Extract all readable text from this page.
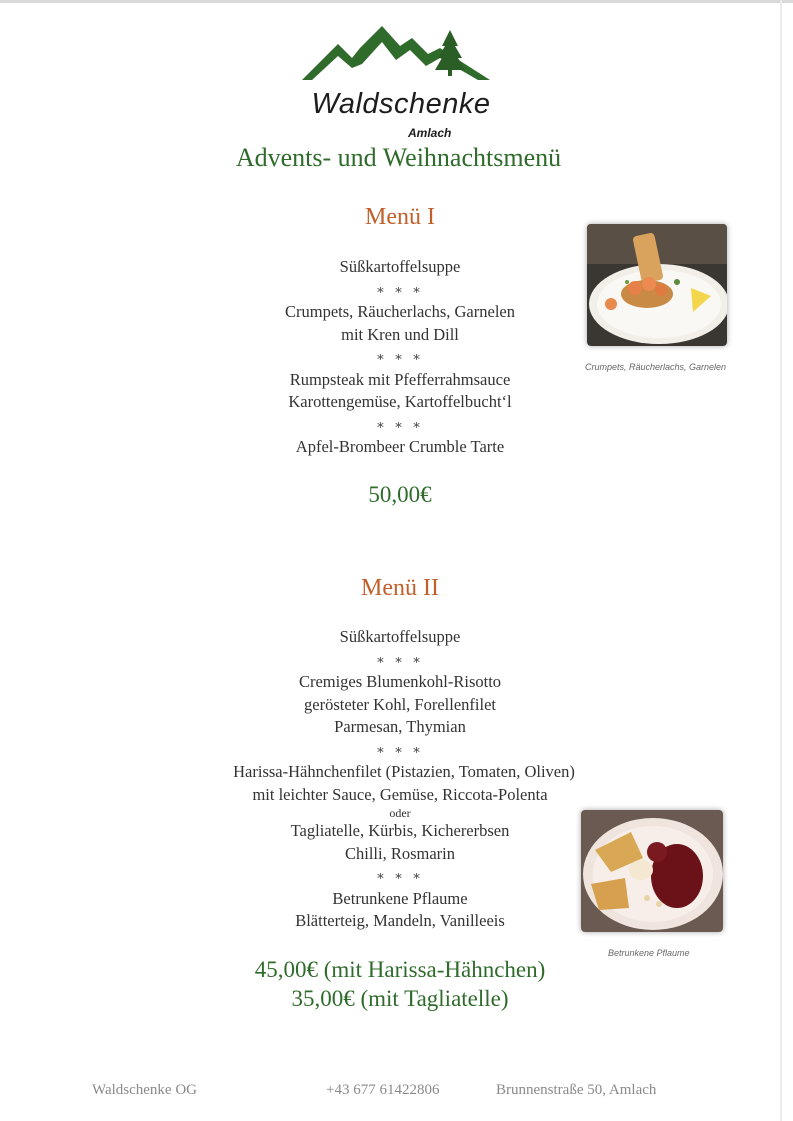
Waldschenke
Amlach
Advents- und Weihnachtsmenü
Menü I
Süßkartoffelsuppe
∗ ∗ ∗
Crumpets, Räucherlachs, Garnelen
mit Kren und Dill
∗ ∗ ∗
Rumpsteak mit Pfefferrahmsauce
Karottengemüse, Kartoffelbucht‘l
∗ ∗ ∗
Apfel-Brombeer Crumble Tarte
50,00€
Crumpets, Räucherlachs, Garnelen
Menü II
Süßkartoffelsuppe
∗ ∗ ∗
Cremiges Blumenkohl-Risotto
gerösteter Kohl, Forellenfilet
Parmesan, Thymian
∗ ∗ ∗
Harissa-Hähnchenfilet (Pistazien, Tomaten, Oliven)
mit leichter Sauce, Gemüse, Riccota-Polenta
oder
Tagliatelle, Kürbis, Kichererbsen
Chilli, Rosmarin
∗ ∗ ∗
Betrunkene Pflaume
Blätterteig, Mandeln, Vanilleeis
45,00€ (mit Harissa-Hähnchen)
35,00€ (mit Tagliatelle)
Betrunkene Pflaume
Waldschenke OG	+43 677 61422806	Brunnenstraße 50, Amlach
